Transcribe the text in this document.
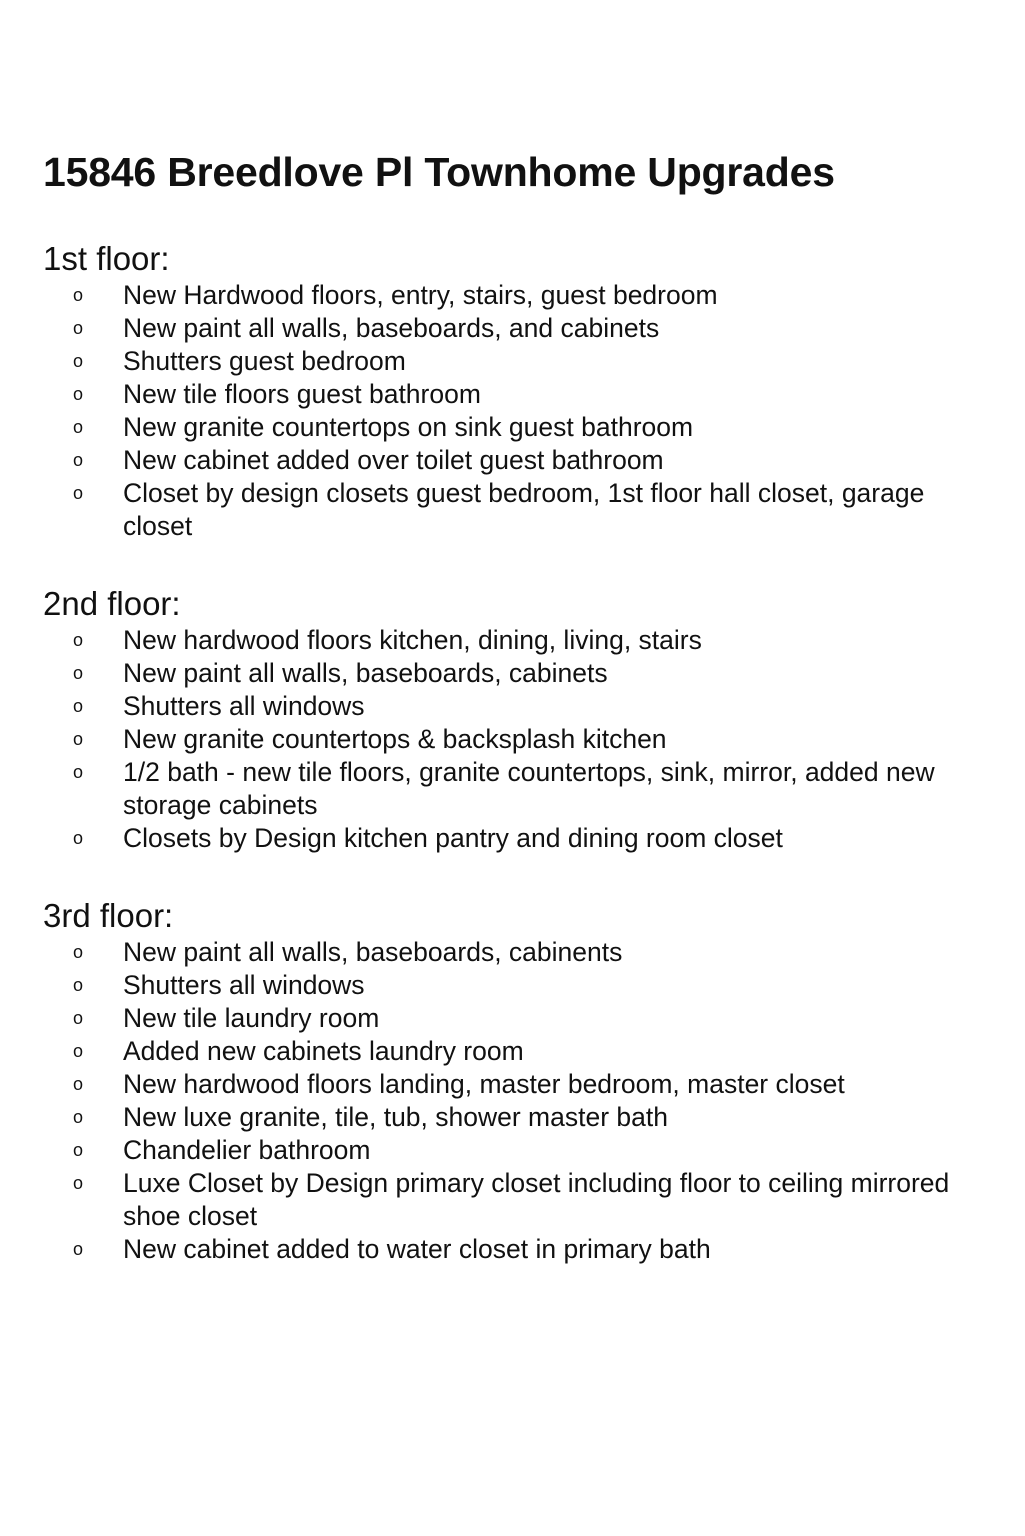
15846 Breedlove Pl Townhome Upgrades
1st floor:
o New Hardwood floors, entry, stairs, guest bedroom
o New paint all walls, baseboards, and cabinets
o Shutters guest bedroom
o New tile floors guest bathroom
o New granite countertops on sink guest bathroom
o New cabinet added over toilet guest bathroom
o Closet by design closets guest bedroom, 1st floor hall closet, garage
closet
2nd floor:
o New hardwood floors kitchen, dining, living, stairs
o New paint all walls, baseboards, cabinets
o Shutters all windows
o New granite countertops & backsplash kitchen
o 1/2 bath - new tile floors, granite countertops, sink, mirror, added new
storage cabinets
o Closets by Design kitchen pantry and dining room closet
3rd floor:
o New paint all walls, baseboards, cabinents
o Shutters all windows
o New tile laundry room
o Added new cabinets laundry room
o New hardwood floors landing, master bedroom, master closet
o New luxe granite, tile, tub, shower master bath
o Chandelier bathroom
o Luxe Closet by Design primary closet including floor to ceiling mirrored
shoe closet
o New cabinet added to water closet in primary bath
